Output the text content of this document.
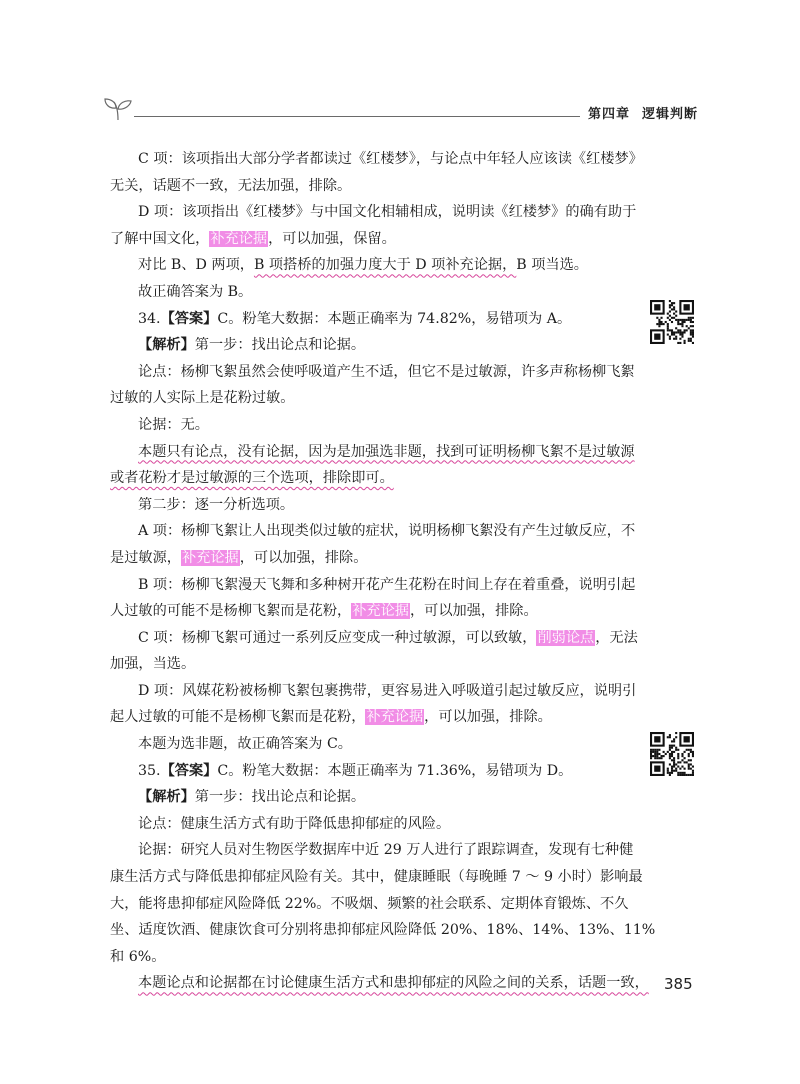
第四章 逻辑判断

C 项：该项指出大部分学者都读过《红楼梦》，与论点中年轻人应该读《红楼梦》

无关，话题不一致，无法加强，排除。

D 项：该项指出《红楼梦》与中国文化相辅相成，说明读《红楼梦》的确有助于

了解中国文化，补充论据，可以加强，保留。

对比 B、D 两项，B 项搭桥的加强力度大于 D 项补充论据，B 项当选。

故正确答案为 B。

34.【答案】C。粉笔大数据：本题正确率为 74.82%，易错项为 A。

【解析】第一步：找出论点和论据。

论点：杨柳飞絮虽然会使呼吸道产生不适，但它不是过敏源，许多声称杨柳飞絮

过敏的人实际上是花粉过敏。

论据：无。

本题只有论点，没有论据，因为是加强选非题，找到可证明杨柳飞絮不是过敏源

或者花粉才是过敏源的三个选项，排除即可。

第二步：逐一分析选项。

A 项：杨柳飞絮让人出现类似过敏的症状，说明杨柳飞絮没有产生过敏反应，不

是过敏源，补充论据，可以加强，排除。

B 项：杨柳飞絮漫天飞舞和多种树开花产生花粉在时间上存在着重叠，说明引起

人过敏的可能不是杨柳飞絮而是花粉，补充论据，可以加强，排除。

C 项：杨柳飞絮可通过一系列反应变成一种过敏源，可以致敏，削弱论点，无法

加强，当选。

D 项：风媒花粉被杨柳飞絮包裹携带，更容易进入呼吸道引起过敏反应，说明引

起人过敏的可能不是杨柳飞絮而是花粉，补充论据，可以加强，排除。

本题为选非题，故正确答案为 C。

35.【答案】C。粉笔大数据：本题正确率为 71.36%，易错项为 D。

【解析】第一步：找出论点和论据。

论点：健康生活方式有助于降低患抑郁症的风险。

论据：研究人员对生物医学数据库中近 29 万人进行了跟踪调查，发现有七种健

康生活方式与降低患抑郁症风险有关。其中，健康睡眠（每晚睡 7 ～ 9 小时）影响最

大，能将患抑郁症风险降低 22%。不吸烟、频繁的社会联系、定期体育锻炼、不久

坐、适度饮酒、健康饮食可分别将患抑郁症风险降低 20%、18%、14%、13%、11%

和 6%。

本题论点和论据都在讨论健康生活方式和患抑郁症的风险之间的关系，话题一致， 385
